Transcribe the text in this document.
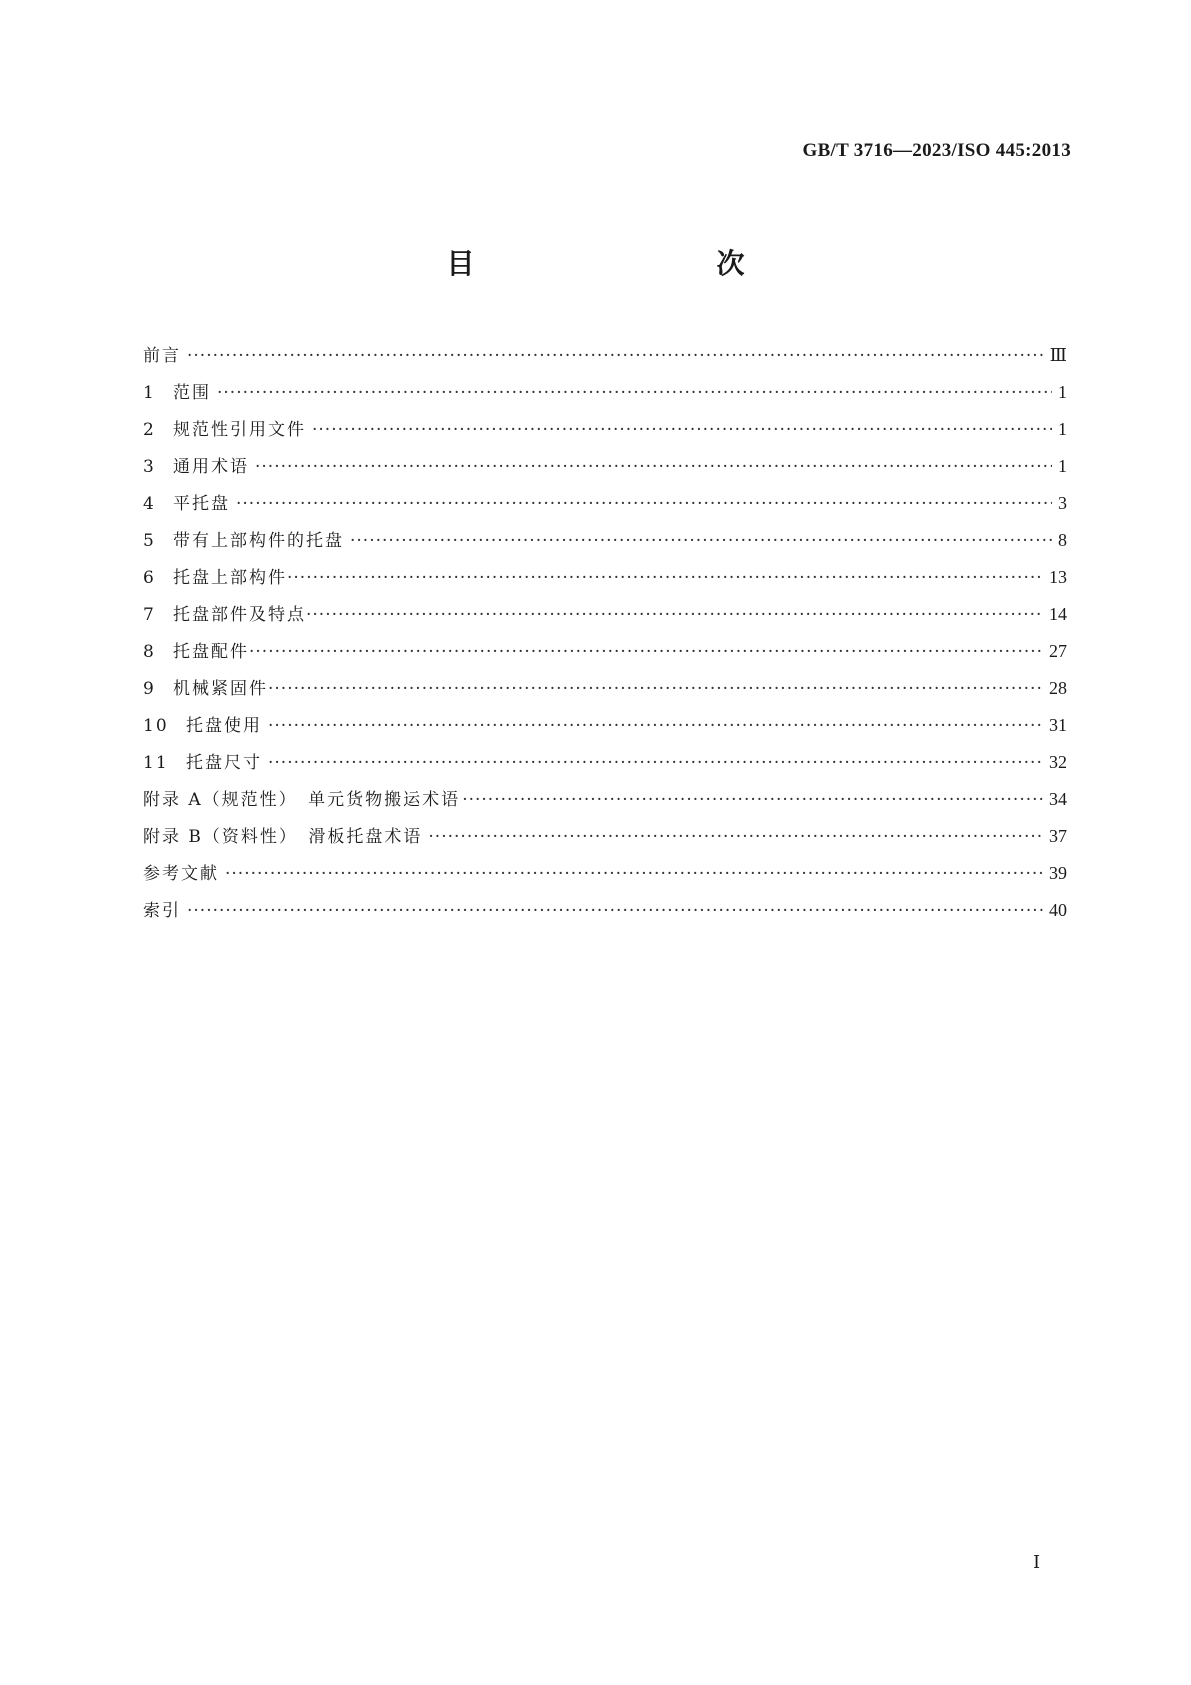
GB/T 3716—2023/ISO 445:2013
目　　次
前言 ·····	Ⅲ
1 范围 ·····	1
2 规范性引用文件 ·····	1
3 通用术语 ·····	1
4 平托盘 ·····	3
5 带有上部构件的托盘 ·····	8
6 托盘上部构件 ·····	13
7 托盘部件及特点 ·····	14
8 托盘配件 ·····	27
9 机械紧固件 ·····	28
10 托盘使用 ·····	31
11 托盘尺寸 ·····	32
附录 A（规范性）　单元货物搬运术语 ·····	34
附录 B（资料性）　滑板托盘术语 ·····	37
参考文献 ·····	39
索引 ·····	40
Ⅰ
